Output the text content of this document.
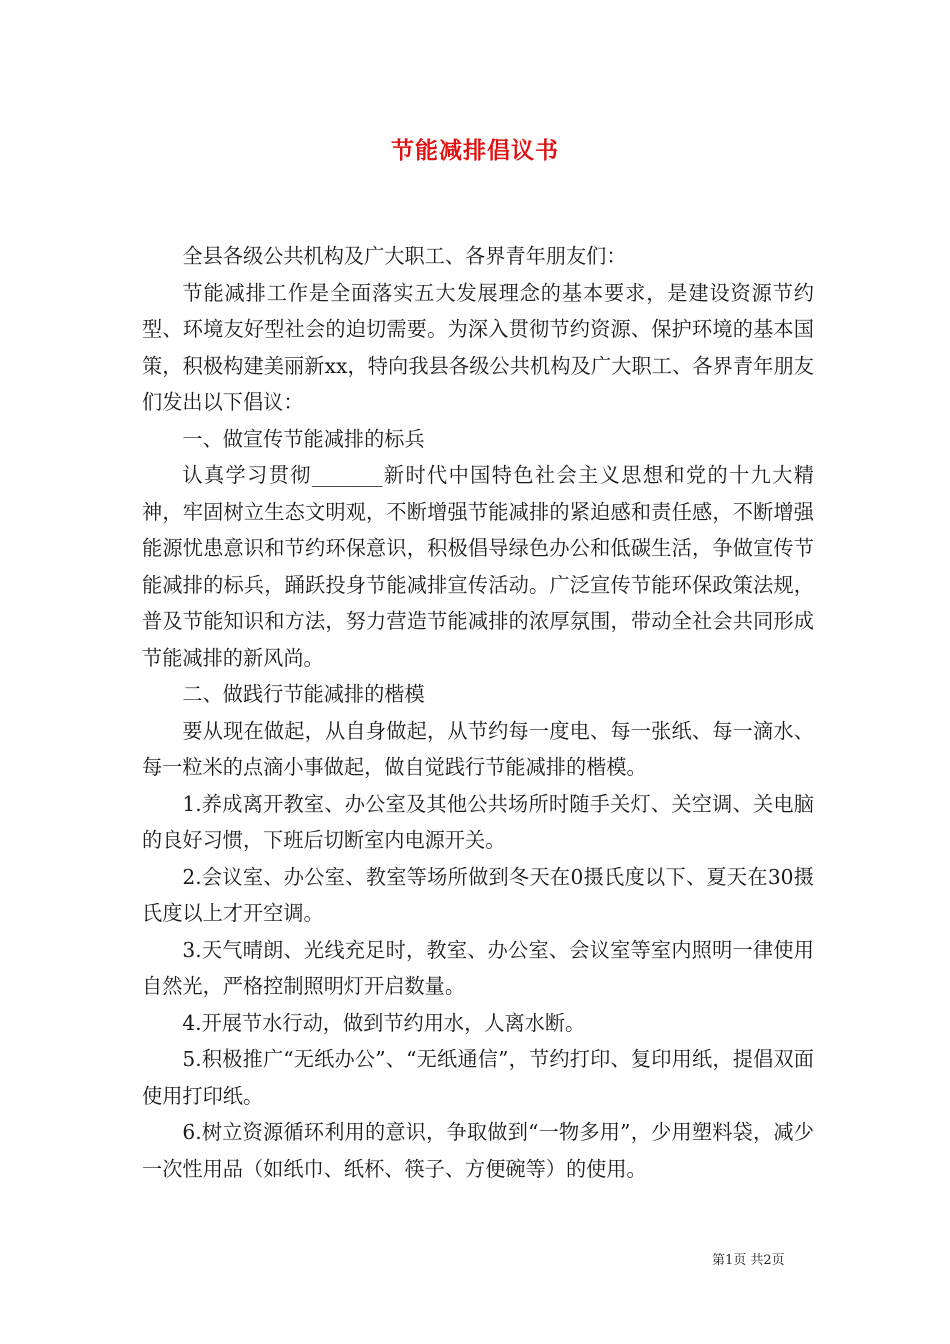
节能减排倡议书

全县各级公共机构及广大职工、各界青年朋友们：

节能减排工作是全面落实五大发展理念的基本要求，是建设资源节约型、环境友好型社会的迫切需要。为深入贯彻节约资源、保护环境的基本国策，积极构建美丽新xx，特向我县各级公共机构及广大职工、各界青年朋友们发出以下倡议：

一、做宣传节能减排的标兵

认真学习贯彻_______新时代中国特色社会主义思想和党的十九大精神，牢固树立生态文明观，不断增强节能减排的紧迫感和责任感，不断增强能源忧患意识和节约环保意识，积极倡导绿色办公和低碳生活，争做宣传节能减排的标兵，踊跃投身节能减排宣传活动。广泛宣传节能环保政策法规，普及节能知识和方法，努力营造节能减排的浓厚氛围，带动全社会共同形成节能减排的新风尚。

二、做践行节能减排的楷模

要从现在做起，从自身做起，从节约每一度电、每一张纸、每一滴水、每一粒米的点滴小事做起，做自觉践行节能减排的楷模。

1.养成离开教室、办公室及其他公共场所时随手关灯、关空调、关电脑的良好习惯，下班后切断室内电源开关。

2.会议室、办公室、教室等场所做到冬天在0摄氏度以下、夏天在30摄氏度以上才开空调。

3.天气晴朗、光线充足时，教室、办公室、会议室等室内照明一律使用自然光，严格控制照明灯开启数量。

4.开展节水行动，做到节约用水，人离水断。

5.积极推广“无纸办公”、“无纸通信”，节约打印、复印用纸，提倡双面使用打印纸。

6.树立资源循环利用的意识，争取做到“一物多用”，少用塑料袋，减少一次性用品（如纸巾、纸杯、筷子、方便碗等）的使用。

第1页 共2页
